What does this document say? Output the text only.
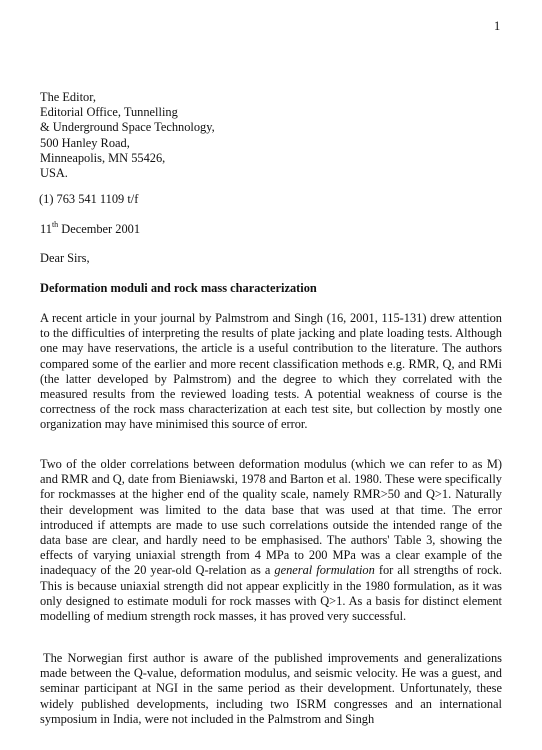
1
The Editor,
Editorial Office, Tunnelling
& Underground Space Technology,
500 Hanley Road,
Minneapolis, MN 55426,
USA.
(1) 763 541 1109 t/f
11th December 2001
Dear Sirs,
Deformation moduli and rock mass characterization
A recent article in your journal by Palmstrom and Singh (16, 2001, 115-131) drew attention to the difficulties of interpreting the results of plate jacking and plate loading tests. Although one may have reservations, the article is a useful contribution to the literature. The authors compared some of the earlier and more recent classification methods e.g. RMR, Q, and RMi (the latter developed by Palmstrom) and the degree to which they correlated with the measured results from the reviewed loading tests. A potential weakness of course is the correctness of the rock mass characterization at each test site, but collection by mostly one organization may have minimised this source of error.
Two of the older correlations between deformation modulus (which we can refer to as M) and RMR and Q, date from Bieniawski, 1978 and Barton et al. 1980. These were specifically for rockmasses at the higher end of the quality scale, namely RMR>50 and Q>1. Naturally their development was limited to the data base that was used at that time. The error introduced if attempts are made to use such correlations outside the intended range of the data base are clear, and hardly need to be emphasised. The authors' Table 3, showing the effects of varying uniaxial strength from 4 MPa to 200 MPa was a clear example of the inadequacy of the 20 year-old Q-relation as a general formulation for all strengths of rock. This is because uniaxial strength did not appear explicitly in the 1980 formulation, as it was only designed to estimate moduli for rock masses with Q>1. As a basis for distinct element modelling of medium strength rock masses, it has proved very successful.
The Norwegian first author is aware of the published improvements and generalizations made between the Q-value, deformation modulus, and seismic velocity. He was a guest, and seminar participant at NGI in the same period as their development. Unfortunately, these widely published developments, including two ISRM congresses and an international symposium in India, were not included in the Palmstrom and Singh
